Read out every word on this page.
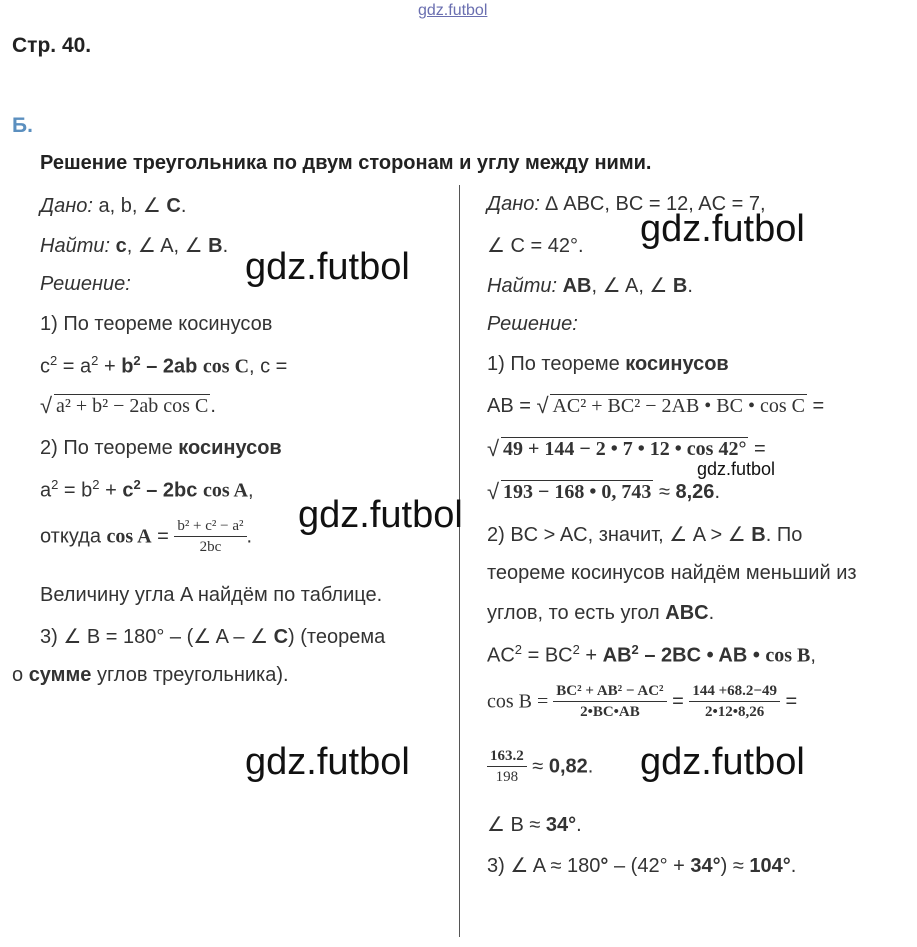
gdz.futbol
Стр. 40.
Б.
Решение треугольника по двум сторонам и углу между ними.
Дано: a, b, ∠ C.
Найти: c, ∠ A, ∠ B.
Решение:
1) По теореме косинусов
$c^2 = a^2 + b^2 - 2ab$ cos C, c =
√ a² + b² − 2ab cos C .
2) По теореме косинусов
$a^2 = b^2 + c^2 - 2bc$ cos A,
откуда $\cos A = \frac{\text{b² + c² − a²}}{2bc}$ .
Величину угла A найдём по таблице.
3) ∠ B = 180° – (∠ A – ∠ C) (теорема
о сумме углов треугольника).
Дано: ∆ ABC, BC = 12, AC = 7,
∠ C = 42°.
Найти: AB, ∠ A, ∠ B.
Решение:
1) По теореме косинусов
AB = √ AC² + BC² − 2AB • BC • cos C =
√ 49 + 144 − 2 • 7 • 12 • cos 42° =
√ 193 − 168 • 0, 743 ≈ 8,26.
2) BC > AC, значит, ∠ A > ∠ B. По
теореме косинусов найдём меньший из
углов, то есть угол ABC.
$AC^2 = BC^2 + AB^2 - 2BC$ • AB • cos B,
$\cos B = \frac{\text{BC² + AB² − AC²}}{2•BC•AB} = \frac{144 +68.2-49}{2•12•8,26}$ =
$\frac{163.2}{198} \approx 0,82$.
∠ B ≈ 34°.
3) ∠ A ≈ 180° – (42° + 34°) ≈ 104°.
gdz.futbol
gdz.futbol
gdz.futbol
gdz.futbol
gdz.futbol	gdz.futbol
